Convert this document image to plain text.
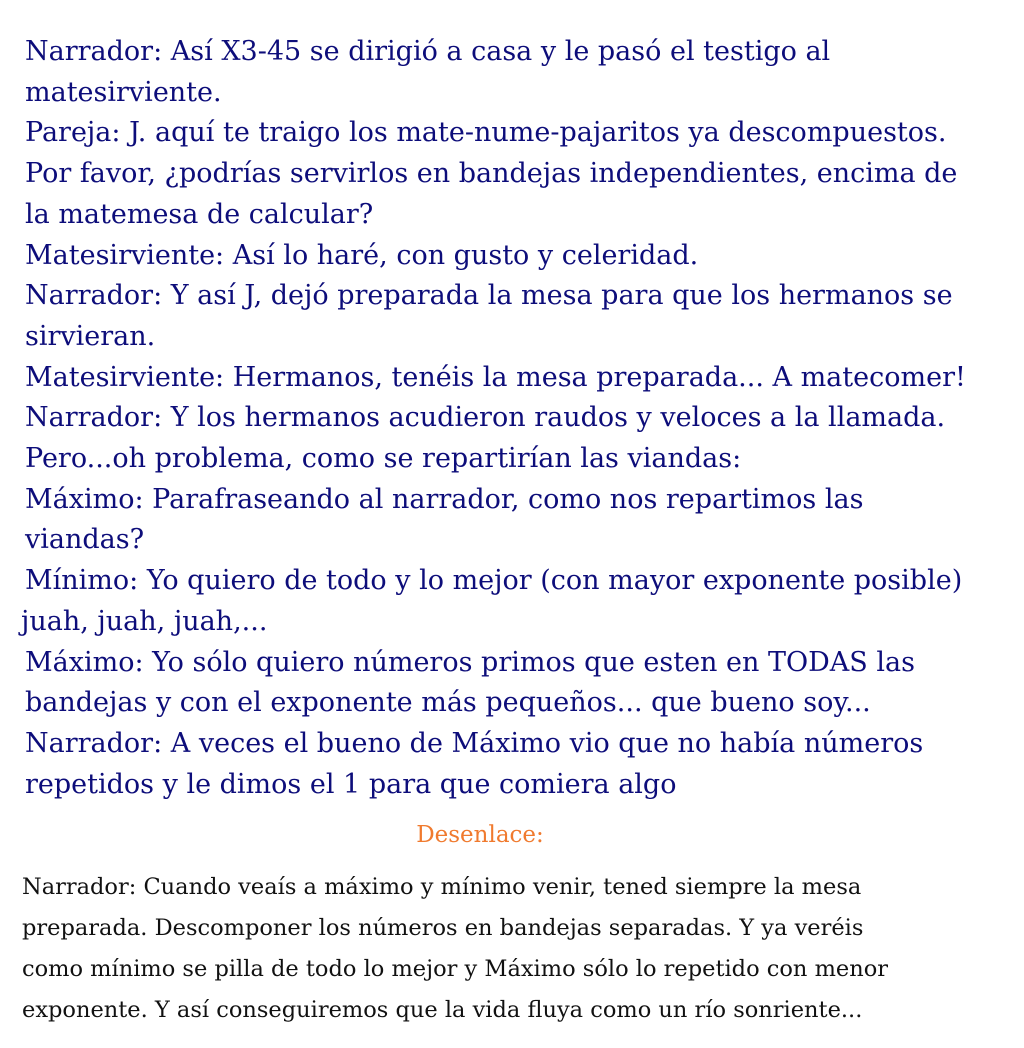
Narrador: Así X3-45 se dirigió a casa y le pasó el testigo al

matesirviente.

Pareja: J. aquí te traigo los mate-nume-pajaritos ya descompuestos.

Por favor, ¿podrías servirlos en bandejas independientes, encima de

la matemesa de calcular?

Matesirviente: Así lo haré, con gusto y celeridad.

Narrador: Y así J, dejó preparada la mesa para que los hermanos se

sirvieran.

Matesirviente: Hermanos, tenéis la mesa preparada... A matecomer!

Narrador: Y los hermanos acudieron raudos y veloces a la llamada.

Pero...oh problema, como se repartirían las viandas:

Máximo: Parafraseando al narrador, como nos repartimos las

viandas?

Mínimo: Yo quiero de todo y lo mejor (con mayor exponente posible)

juah, juah, juah,...

Máximo: Yo sólo quiero números primos que esten en TODAS las

bandejas y con el exponente más pequeños... que bueno soy...

Narrador: A veces el bueno de Máximo vio que no había números

repetidos y le dimos el 1 para que comiera algo

Desenlace:

Narrador: Cuando veaís a máximo y mínimo venir, tened siempre la mesa

preparada. Descomponer los números en bandejas separadas. Y ya veréis

como mínimo se pilla de todo lo mejor y Máximo sólo lo repetido con menor

exponente. Y así conseguiremos que la vida fluya como un río sonriente...
